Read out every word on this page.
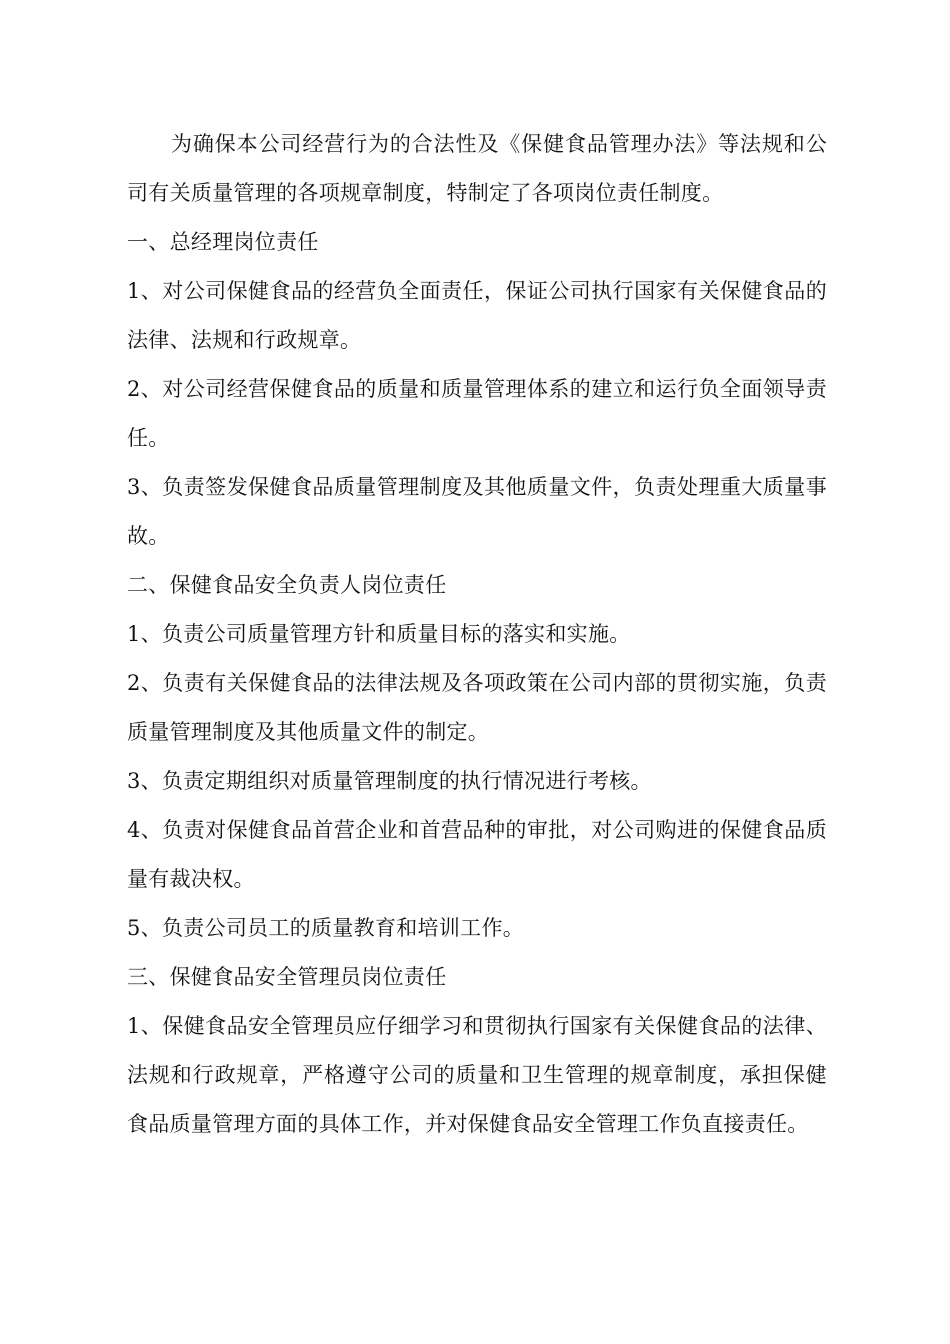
为确保本公司经营行为的合法性及《保健食品管理办法》等法规和公司有关质量管理的各项规章制度，特制定了各项岗位责任制度。

一、总经理岗位责任

1、对公司保健食品的经营负全面责任，保证公司执行国家有关保健食品的法律、法规和行政规章。

2、对公司经营保健食品的质量和质量管理体系的建立和运行负全面领导责任。

3、负责签发保健食品质量管理制度及其他质量文件，负责处理重大质量事故。

二、保健食品安全负责人岗位责任

1、负责公司质量管理方针和质量目标的落实和实施。

2、负责有关保健食品的法律法规及各项政策在公司内部的贯彻实施，负责质量管理制度及其他质量文件的制定。

3、负责定期组织对质量管理制度的执行情况进行考核。

4、负责对保健食品首营企业和首营品种的审批，对公司购进的保健食品质量有裁决权。

5、负责公司员工的质量教育和培训工作。

三、保健食品安全管理员岗位责任

1、保健食品安全管理员应仔细学习和贯彻执行国家有关保健食品的法律、法规和行政规章，严格遵守公司的质量和卫生管理的规章制度，承担保健食品质量管理方面的具体工作，并对保健食品安全管理工作负直接责任。
